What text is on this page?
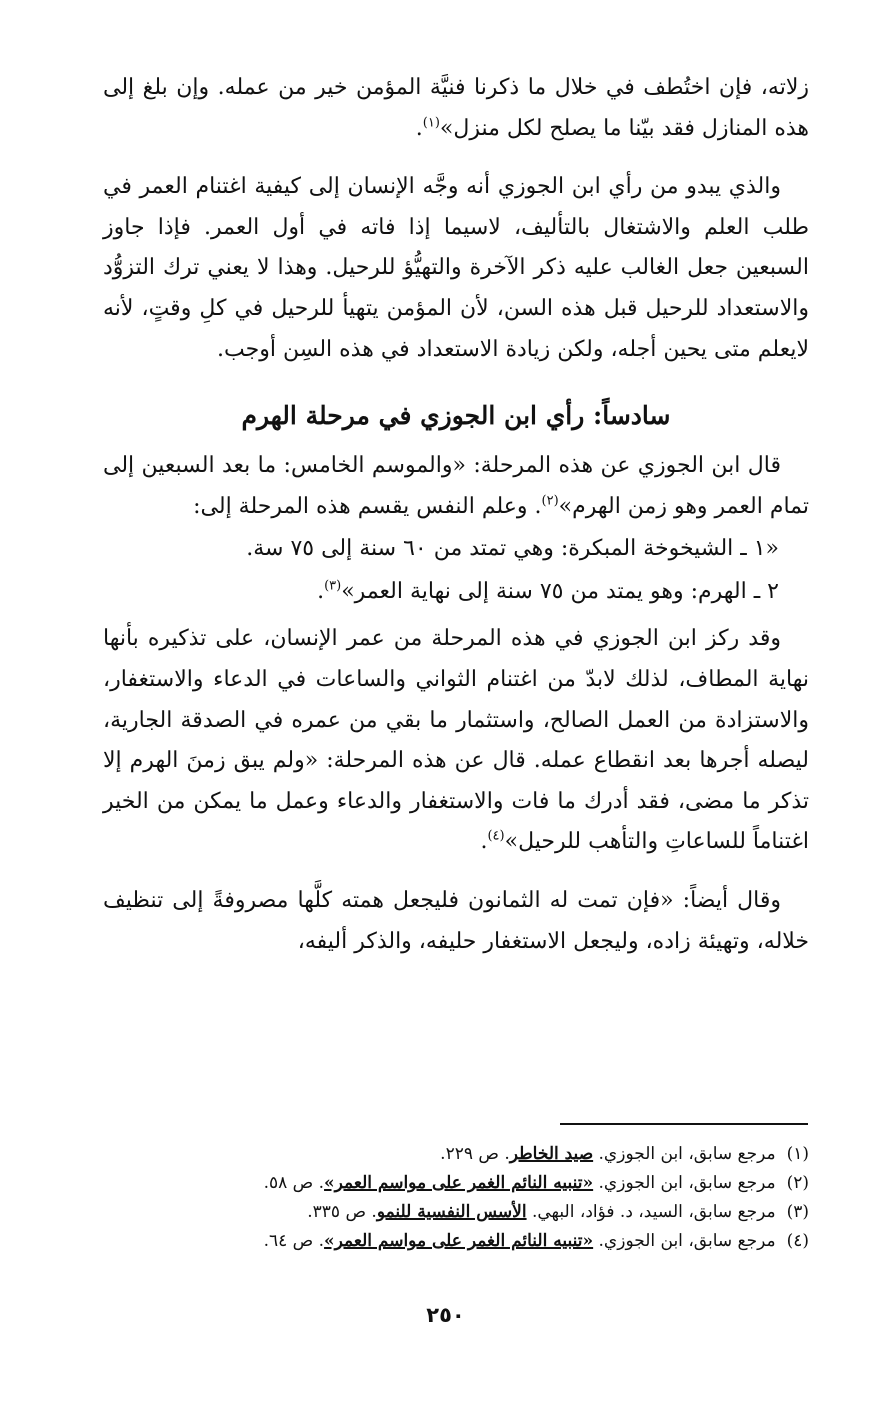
زلاته، فإن اختُطف في خلال ما ذكرنا فنيَّة المؤمن خير من عمله. وإن بلغ إلى هذه المنازل فقد بيّنا ما يصلح لكل منزل»$^{(١)}$.

والذي يبدو من رأي ابن الجوزي أنه وجَّه الإنسان إلى كيفية اغتنام العمر في طلب العلم والاشتغال بالتأليف، لاسيما إذا فاته في أول العمر. فإذا جاوز السبعين جعل الغالب عليه ذكر الآخرة والتهيُّؤ للرحيل. وهذا لا يعني ترك التزوُّد والاستعداد للرحيل قبل هذه السن، لأن المؤمن يتهيأ للرحيل في كلِ وقتٍ، لأنه لايعلم متى يحين أجله، ولكن زيادة الاستعداد في هذه السِن أوجب.

سادساً: رأي ابن الجوزي في مرحلة الهرم

قال ابن الجوزي عن هذه المرحلة: «والموسم الخامس: ما بعد السبعين إلى تمام العمر وهو زمن الهرم»$^{(٢)}$. وعلم النفس يقسم هذه المرحلة إلى:

«١ ـ الشيخوخة المبكرة: وهي تمتد من ٦٠ سنة إلى ٧٥ سة.

٢ ـ الهرم: وهو يمتد من ٧٥ سنة إلى نهاية العمر»$^{(٣)}$.

وقد ركز ابن الجوزي في هذه المرحلة من عمر الإنسان، على تذكيره بأنها نهاية المطاف، لذلك لابدّ من اغتنام الثواني والساعات في الدعاء والاستغفار، والاستزادة من العمل الصالح، واستثمار ما بقي من عمره في الصدقة الجارية، ليصله أجرها بعد انقطاع عمله. قال عن هذه المرحلة: «ولم يبق زمنَ الهرم إلا تذكر ما مضى، فقد أدرك ما فات والاستغفار والدعاء وعمل ما يمكن من الخير اغتناماً للساعاتِ والتأهب للرحيل»$^{(٤)}$.

وقال أيضاً: «فإن تمت له الثمانون فليجعل همته كلَّها مصروفةً إلى تنظيف خلاله، وتهيئة زاده، وليجعل الاستغفار حليفه، والذكر أليفه،

(١) مرجع سابق، ابن الجوزي. صيد الخاطر. ص ٢٢٩.

(٢) مرجع سابق، ابن الجوزي. «تنبيه النائم الغمر على مواسم العمر». ص ٥٨.

(٣) مرجع سابق، السيد، د. فؤاد، البهي. الأسس النفسية للنمو. ص ٣٣٥.

(٤) مرجع سابق، ابن الجوزي. «تنبيه النائم الغمر على مواسم العمر». ص ٦٤.

٢٥٠
